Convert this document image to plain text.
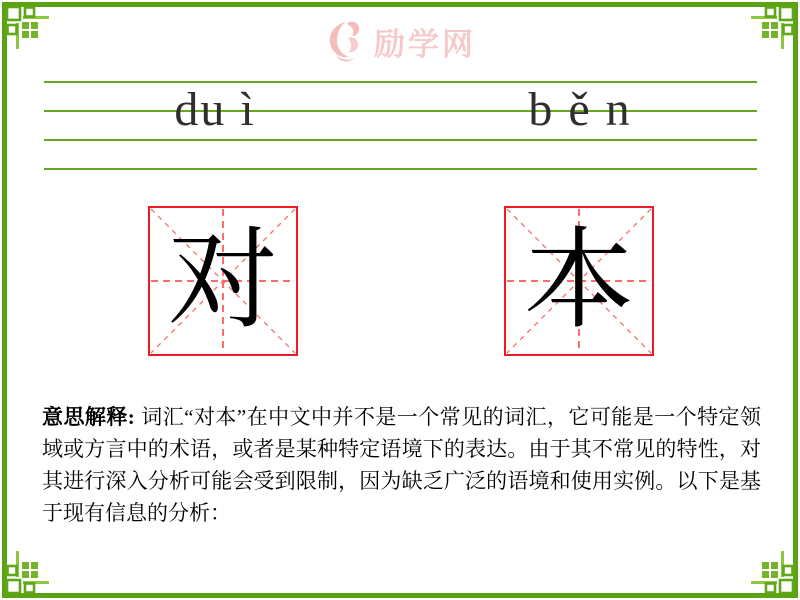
励学网
du ì	b ě n
对 本

意思解释: 词汇“对本”在中文中并不是一个常见的词汇，它可能是一个特定领域或方言中的术语，或者是某种特定语境下的表达。由于其不常见的特性，对其进行深入分析可能会受到限制，因为缺乏广泛的语境和使用实例。以下是基于现有信息的分析：
